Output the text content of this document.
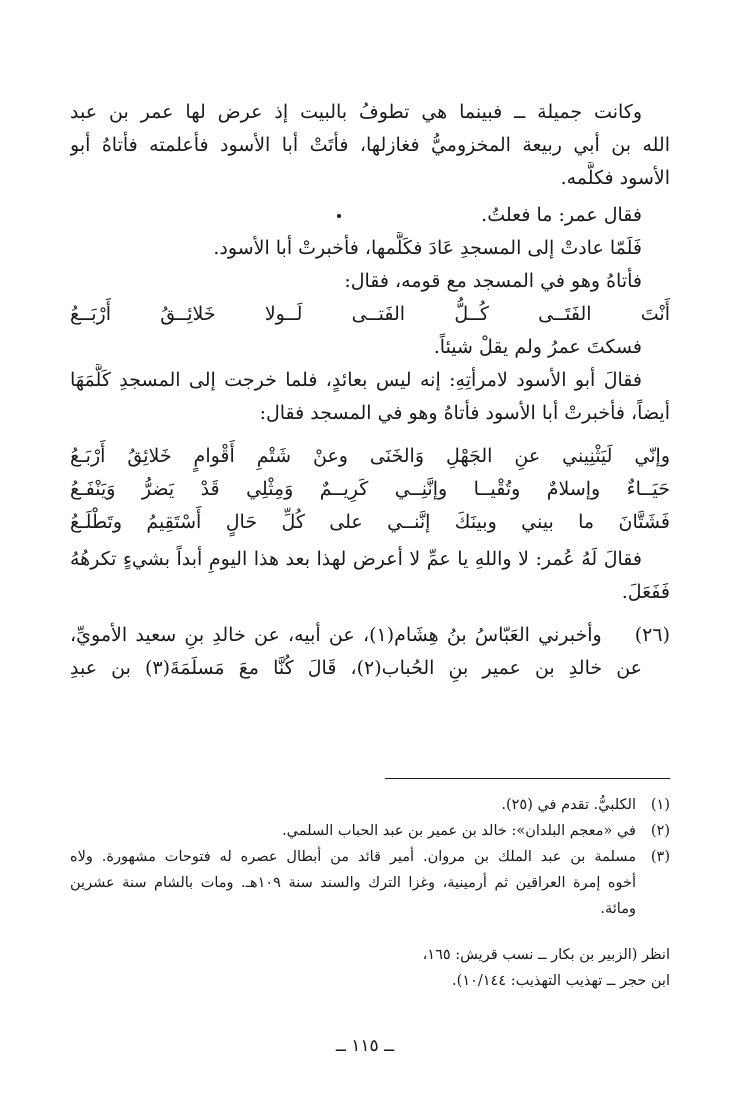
وكانت جميلة ــ فبينما هي تطوفُ بالبيت إذ عرض لها عمر بن عبد
الله بن أبي ربيعة المخزوميُّ فغازلها، فأتَتْ أبا الأسود فأعلمته فأتاهُ أبو
الأسود فكلَّمه.
فقال عمر: ما فعلتُ.
فَلَمّا عادتْ إلى المسجدِ عَادَ فكَلَّمها، فأخبرتْ أبا الأسود.
فأتاهُ وهو في المسجد مع قومه، فقال:
أَنْتَ الفَتَــى كُــلُّ الفَتــى لَــولا خَلائِــقُ أَرْبَــعُ
فسكتَ عمرُ ولم يقلْ شيئاً.
فقالَ أبو الأسود لامرأتِهِ: إنه ليس بعائدٍ، فلما خرجت إلى المسجدِ كَلَّمَهَا
أيضاً، فأخبرتْ أبا الأسود فأتاهُ وهو في المسجد فقال:
وإنّي لَيَثْنِيني عنِ الجَهْلِ وَالخَنَى وعنْ شَتْمِ أَقْوامٍ خَلائِقُ أَرْبَـعُ
حَيَــاءٌ وإسلامٌ وتُقْيــا وإنَّنِــي كَرِيــمٌ وَمِثْلِي قَدْ يَضرُّ وَيَنْفَـعُ
فَشَتَّانَ ما بيني وبينَكَ إنَّنــي على كُلِّ حَالٍ أَسْتَقِيمُ وتَطْلَـعُ
فقالَ لَهُ عُمر: لا واللهِ يا عمِّ لا أعرض لهذا بعد هذا اليومِ أبداً بشيءٍ تكرهُهُ
فَفَعَلَ.
(٢٦)    وأخبرني العَبّاسُ بنُ هِشَام(١)، عن أبيه، عن خالدِ بنِ سعيد الأمويِّ،
عن خالدِ بن عمير بنِ الحُباب(٢)، قَالَ كُنَّا معَ مَسلَمَةَ(٣) بن عبدِ
(١)
الكلبيُّ. تقدم في (٢٥).
(٢)
في «معجم البلدان»: خالد بن عمير بن عبد الحباب السلمي.
(٣)
مسلمة بن عبد الملك بن مروان. أمير قائد من أبطال عصره له فتوحات مشهورة. ولاه
أخوه إمرة العراقين ثم أرمينية، وغزا الترك والسند سنة ١٠٩هـ. ومات بالشام سنة عشرين
ومائة.
انظر (الزبير بن بكار ــ نسب قريش: ١٦٥،
ابن حجر ــ تهذيب التهذيب: ١٠/١٤٤).
ــ ١١٥ ــ
